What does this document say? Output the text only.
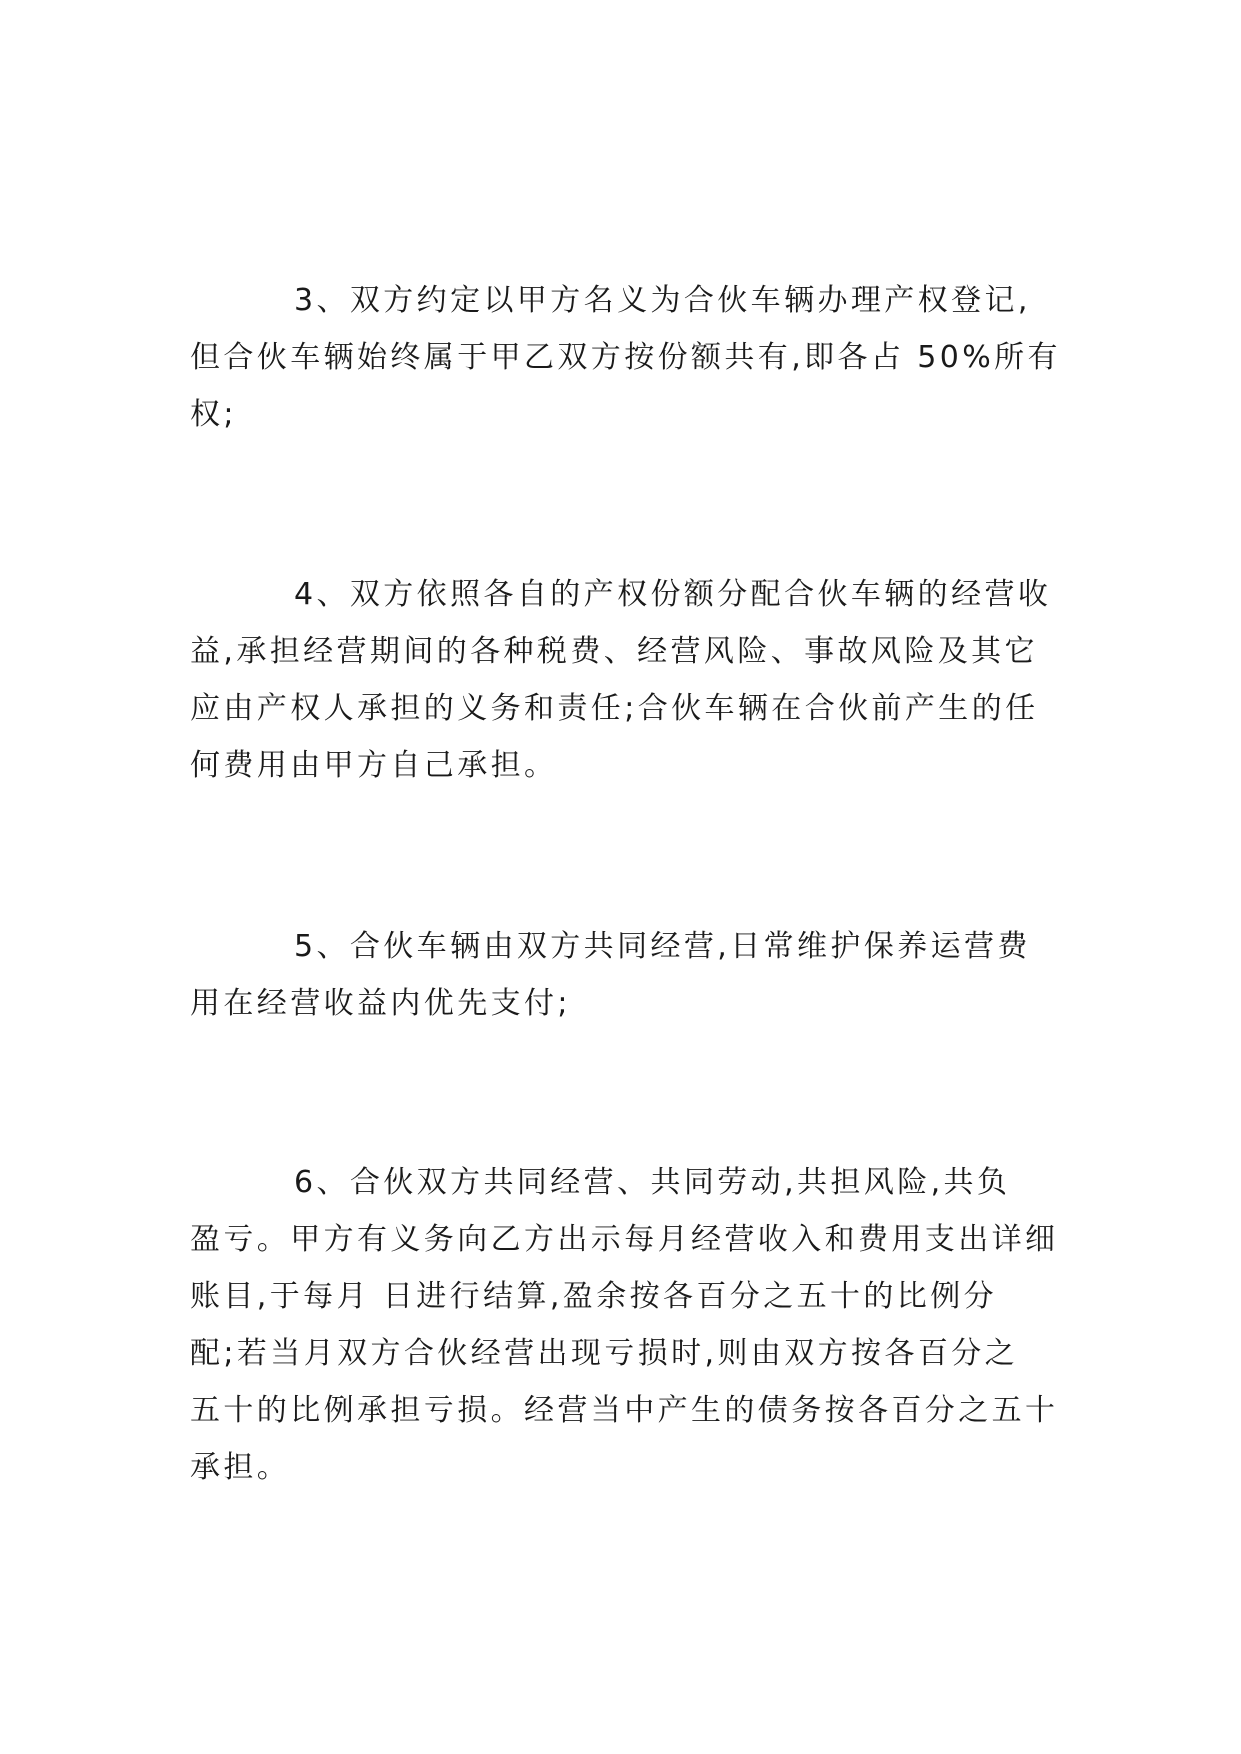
3、双方约定以甲方名义为合伙车辆办理产权登记,
但合伙车辆始终属于甲乙双方按份额共有,即各占 50%所有
权;

4、双方依照各自的产权份额分配合伙车辆的经营收
益,承担经营期间的各种税费、经营风险、事故风险及其它
应由产权人承担的义务和责任;合伙车辆在合伙前产生的任
何费用由甲方自己承担。

5、合伙车辆由双方共同经营,日常维护保养运营费
用在经营收益内优先支付;

6、合伙双方共同经营、共同劳动,共担风险,共负
盈亏。甲方有义务向乙方出示每月经营收入和费用支出详细
账目,于每月 日进行结算,盈余按各百分之五十的比例分
配;若当月双方合伙经营出现亏损时,则由双方按各百分之
五十的比例承担亏损。经营当中产生的债务按各百分之五十
承担。
